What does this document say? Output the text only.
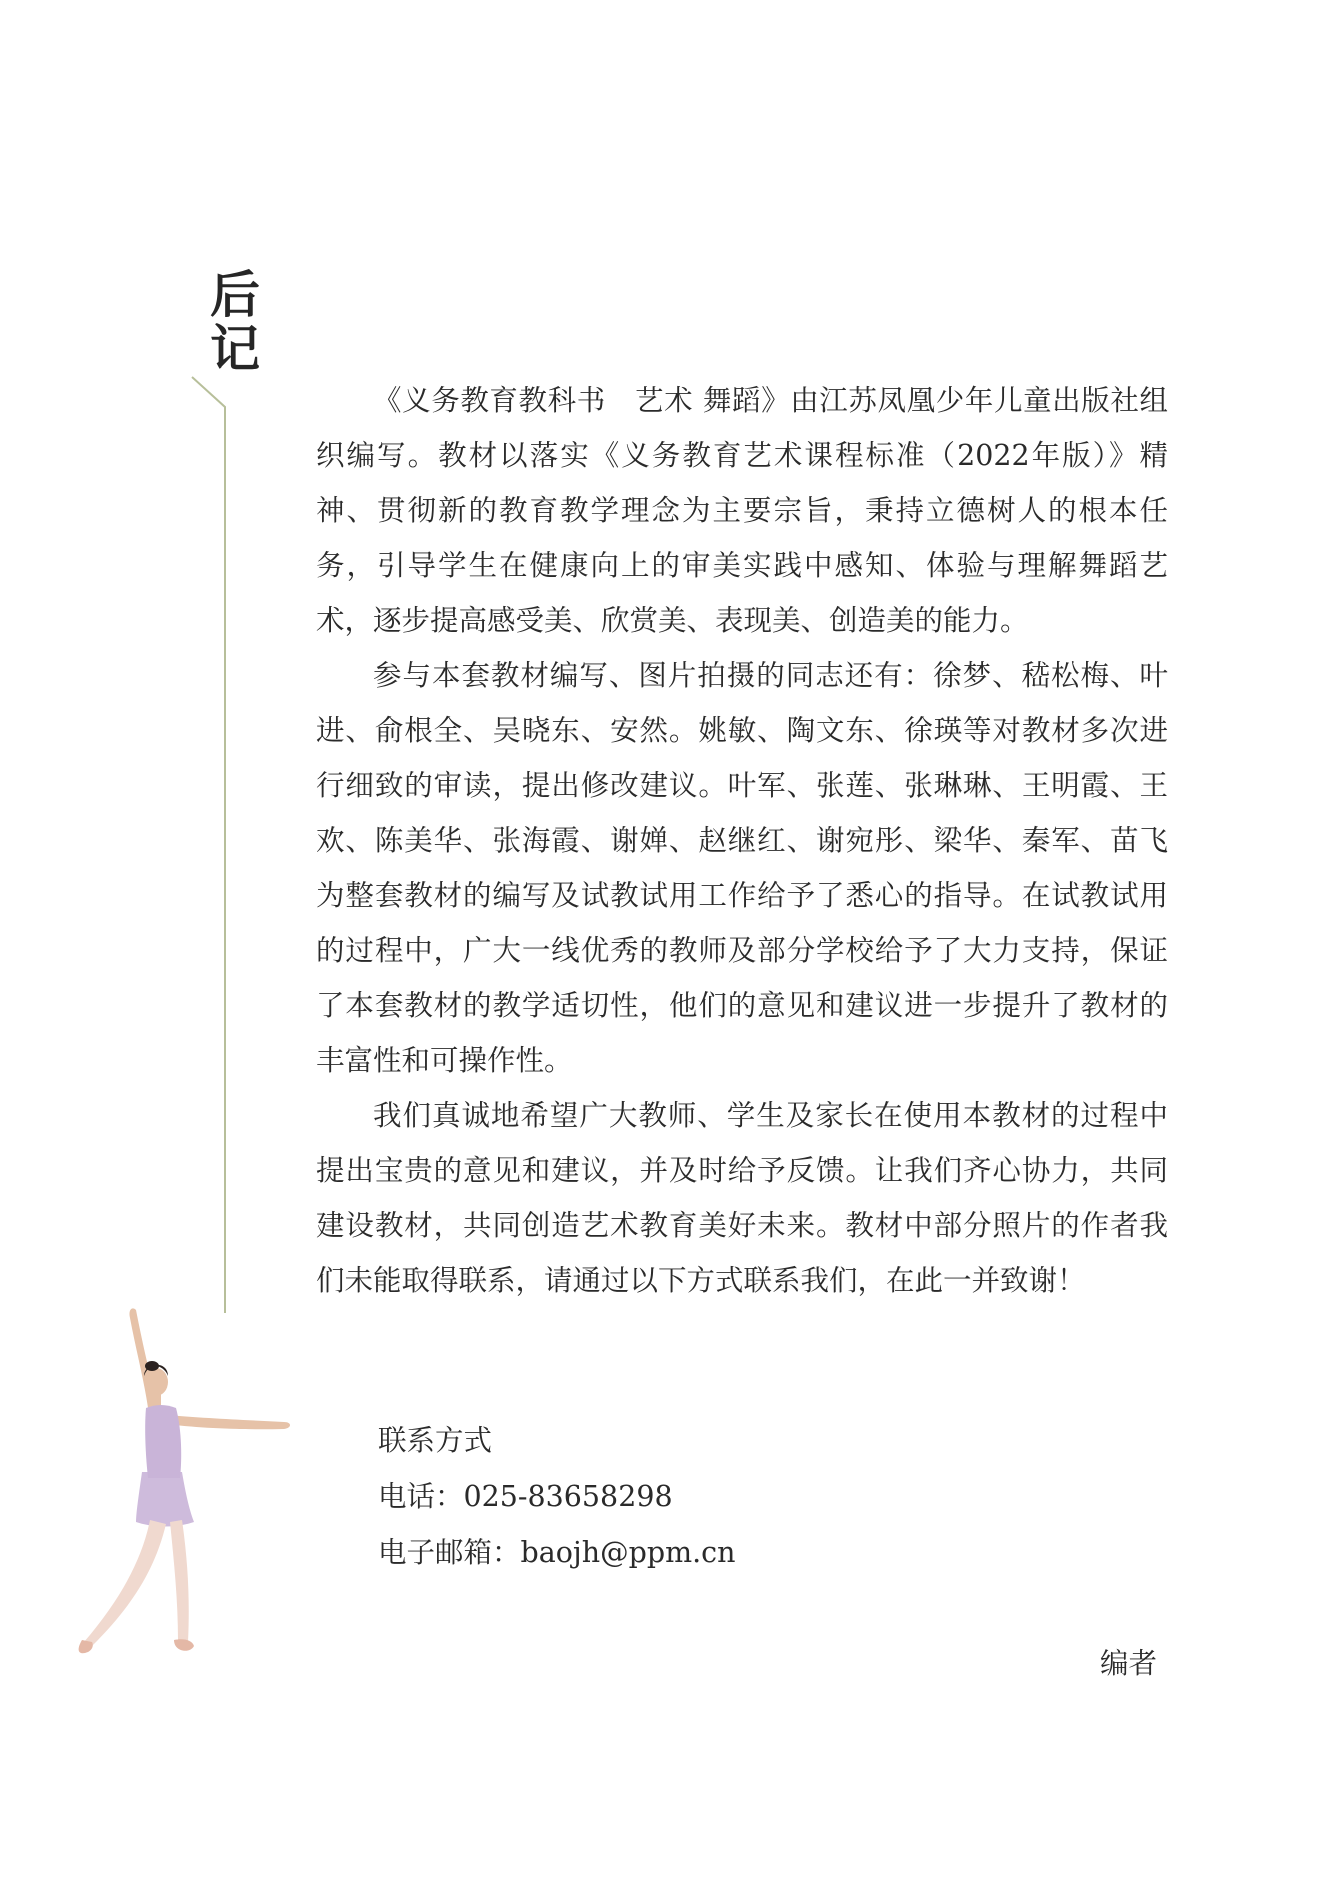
后记

《义务教育教科书　艺术 舞蹈》由江苏凤凰少年儿童出版社组织编写。教材以落实《义务教育艺术课程标准（2022年版）》精神、贯彻新的教育教学理念为主要宗旨，秉持立德树人的根本任务，引导学生在健康向上的审美实践中感知、体验与理解舞蹈艺术，逐步提高感受美、欣赏美、表现美、创造美的能力。

参与本套教材编写、图片拍摄的同志还有：徐梦、嵇松梅、叶进、俞根全、吴晓东、安然。姚敏、陶文东、徐瑛等对教材多次进行细致的审读，提出修改建议。叶军、张莲、张琳琳、王明霞、王欢、陈美华、张海霞、谢婵、赵继红、谢宛彤、梁华、秦军、苗飞为整套教材的编写及试教试用工作给予了悉心的指导。在试教试用的过程中，广大一线优秀的教师及部分学校给予了大力支持，保证了本套教材的教学适切性，他们的意见和建议进一步提升了教材的丰富性和可操作性。

我们真诚地希望广大教师、学生及家长在使用本教材的过程中提出宝贵的意见和建议，并及时给予反馈。让我们齐心协力，共同建设教材，共同创造艺术教育美好未来。教材中部分照片的作者我们未能取得联系，请通过以下方式联系我们，在此一并致谢！

联系方式
电话：025-83658298
电子邮箱：baojh@ppm.cn
编者
